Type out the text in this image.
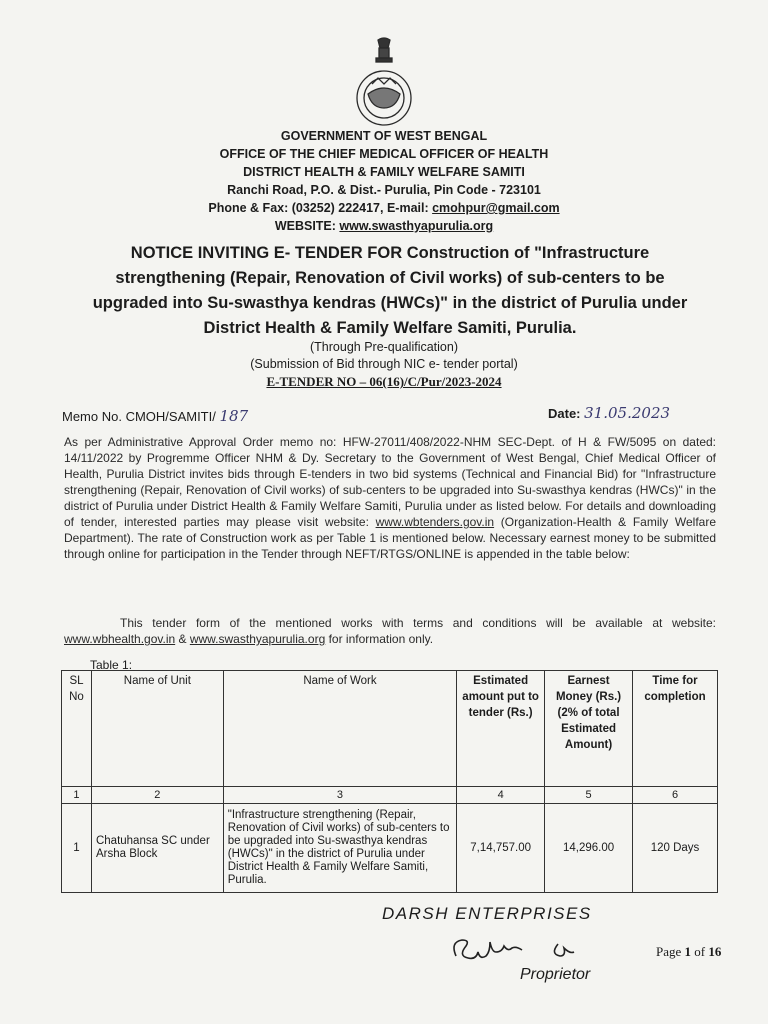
GOVERNMENT OF WEST BENGAL
OFFICE OF THE CHIEF MEDICAL OFFICER OF HEALTH
DISTRICT HEALTH & FAMILY WELFARE SAMITI
Ranchi Road, P.O. & Dist.- Purulia, Pin Code - 723101
Phone & Fax: (03252) 222417, E-mail: cmohpur@gmail.com
WEBSITE: www.swasthyapurulia.org
NOTICE INVITING E- TENDER FOR Construction of "Infrastructure
strengthening (Repair, Renovation of Civil works) of sub-centers to be
upgraded into Su-swasthya kendras (HWCs)" in the district of Purulia under
District Health & Family Welfare Samiti, Purulia.
(Through Pre-qualification)
(Submission of Bid through NIC e- tender portal)
E-TENDER NO – 06(16)/C/Pur/2023-2024
Memo No. CMOH/SAMITI/ 187	Date: 31.05.2023
As per Administrative Approval Order memo no: HFW-27011/408/2022-NHM SEC-Dept. of H & FW/5095 on dated: 14/11/2022 by Progremme Officer NHM & Dy. Secretary to the Government of West Bengal, Chief Medical Officer of Health, Purulia District invites bids through E-tenders in two bid systems (Technical and Financial Bid) for "Infrastructure strengthening (Repair, Renovation of Civil works) of sub-centers to be upgraded into Su-swasthya kendras (HWCs)" in the district of Purulia under District Health & Family Welfare Samiti, Purulia under as listed below. For details and downloading of tender, interested parties may please visit website: www.wbtenders.gov.in (Organization-Health & Family Welfare Department). The rate of Construction work as per Table 1 is mentioned below. Necessary earnest money to be submitted through online for participation in the Tender through NEFT/RTGS/ONLINE is appended in the table below:
This tender form of the mentioned works with terms and conditions will be available at website: www.wbhealth.gov.in & www.swasthyapurulia.org for information only.
Table 1:
SL No	Name of Unit	Name of Work	Estimated amount put to tender (Rs.)	Earnest Money (Rs.) (2% of total Estimated Amount)	Time for completion
1	2	3	4	5	6
1	Chatuhansa SC under Arsha Block	"Infrastructure strengthening (Repair, Renovation of Civil works) of sub-centers to be upgraded into Su-swasthya kendras (HWCs)" in the district of Purulia under District Health & Family Welfare Samiti, Purulia.	7,14,757.00	14,296.00	120 Days
DARSH ENTERPRISES
Proprietor
Page 1 of 16
